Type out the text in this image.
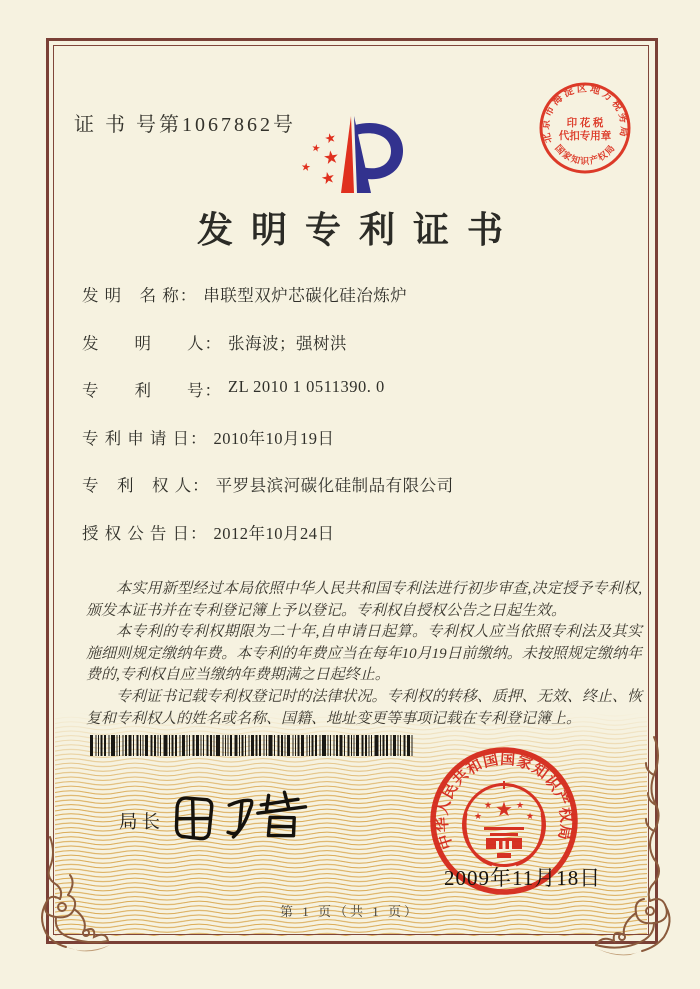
证 书 号第1067862号
★
★ ★
★
★
北京市海淀区地方税务局
国家知识产权局
印 花 税
代扣专用章
发明专利证书
发 明　名 称： 串联型双炉芯碳化硅冶炼炉
发　　明　　人： 张海波；强树洪
专　　利　　号： ZL 2010 1 0511390. 0
专 利 申 请 日： 2010年10月19日
专　利　权 人： 平罗县滨河碳化硅制品有限公司
授 权 公 告 日： 2012年10月24日

本实用新型经过本局依照中华人民共和国专利法进行初步审查,决定授予专利权,颁发本证书并在专利登记簿上予以登记。专利权自授权公告之日起生效。

本专利的专利权期限为二十年,自申请日起算。专利权人应当依照专利法及其实施细则规定缴纳年费。本专利的年费应当在每年10月19日前缴纳。未按照规定缴纳年费的,专利权自应当缴纳年费期满之日起终止。

专利证书记载专利权登记时的法律状况。专利权的转移、质押、无效、终止、恢复和专利权人的姓名或名称、国籍、地址变更等事项记载在专利登记簿上。

局长
中华人民共和国国家知识产权局
★
★	★
★	★
2009年11月18日
第 1 页（共 1 页）
